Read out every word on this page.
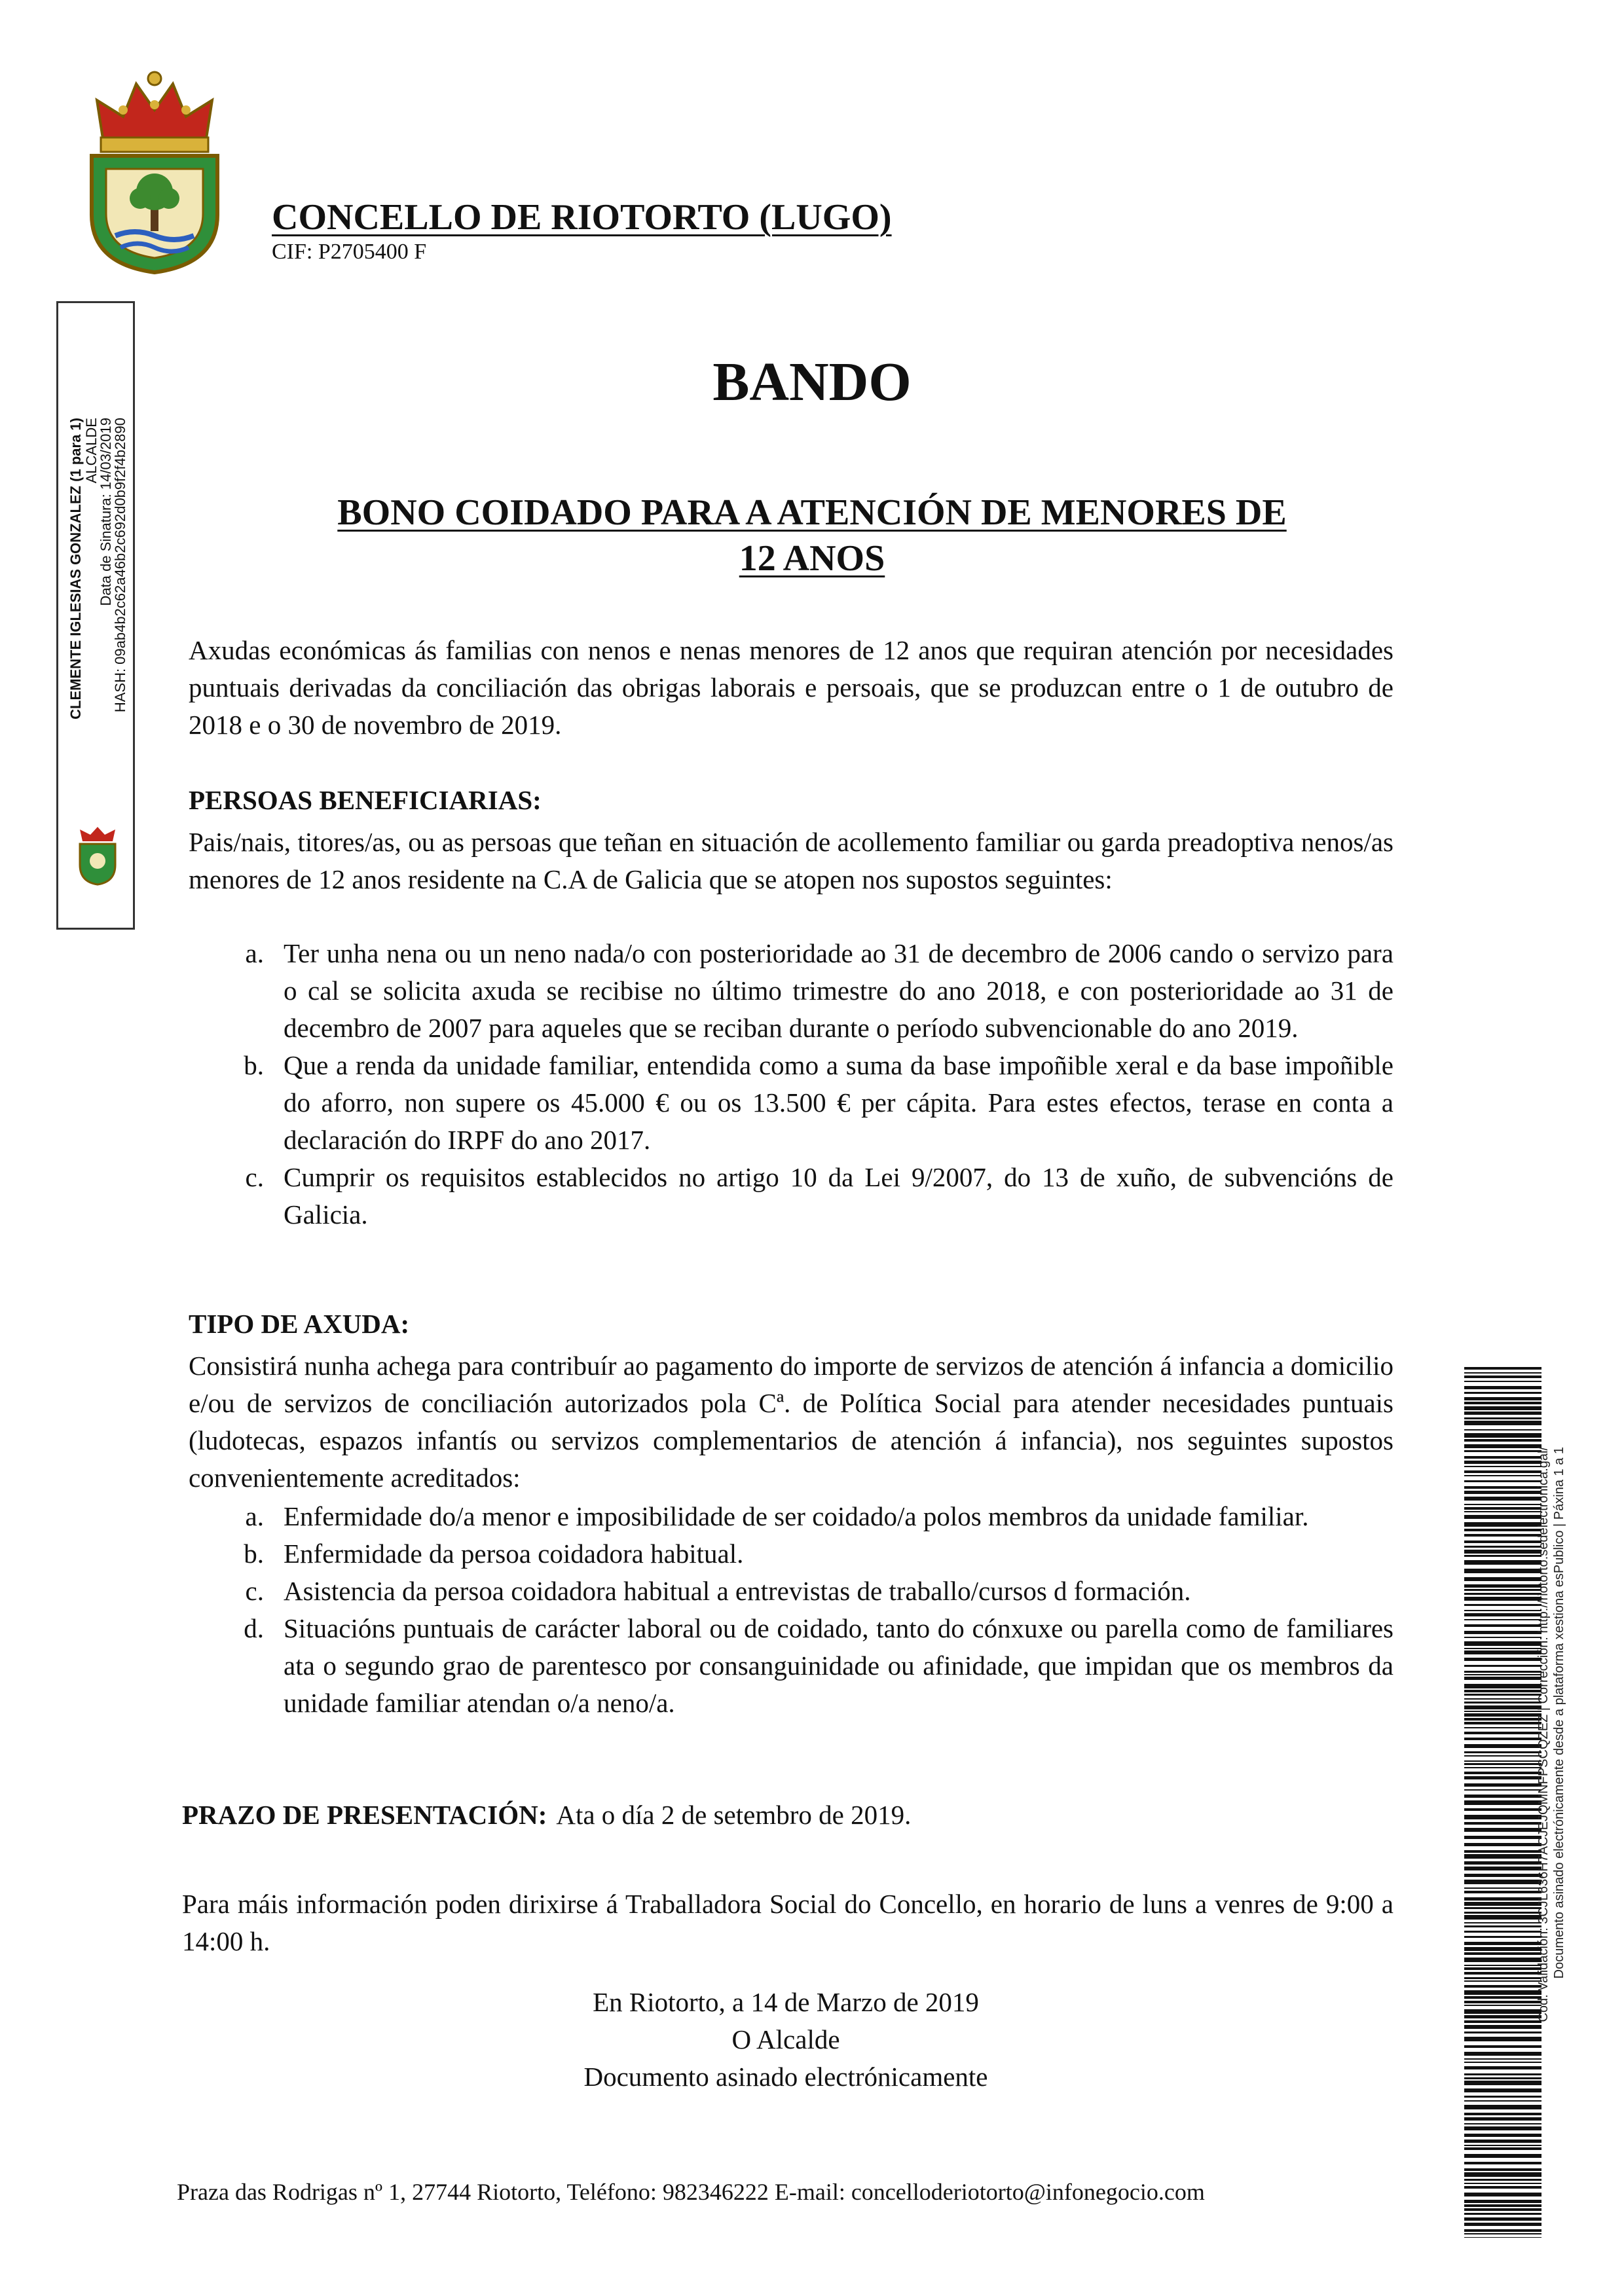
CONCELLO DE RIOTORTO (LUGO)
CIF: P2705400 F
CLEMENTE IGLESIAS GONZALEZ (1 para 1) ALCALDE
Data de Sinatura: 14/03/2019
HASH: 09ab4b2c62a46b2c692d0b9f2f4b2890
BANDO
BONO COIDADO PARA A ATENCIÓN DE MENORES DE
12 ANOS
Axudas económicas ás familias con nenos e nenas menores de 12 anos que requiran atención por necesidades puntuais derivadas da conciliación das obrigas laborais e persoais, que se produzcan entre o 1 de outubro de 2018 e o 30 de novembro de 2019.
PERSOAS BENEFICIARIAS:
Pais/nais, titores/as, ou as persoas que teñan en situación de acollemento familiar ou garda preadoptiva nenos/as menores de 12 anos residente na C.A de Galicia que se atopen nos supostos seguintes:
a. Ter unha nena ou un neno nada/o con posterioridade ao 31 de decembro de 2006 cando o servizo para o cal se solicita axuda se recibise no último trimestre do ano 2018, e con posterioridade ao 31 de decembro de 2007 para aqueles que se reciban durante o período subvencionable do ano 2019.
b. Que a renda da unidade familiar, entendida como a suma da base impoñible xeral e da base impoñible do aforro, non supere os 45.000 € ou os 13.500 € per cápita. Para estes efectos, terase en conta a declaración do IRPF do ano 2017.
c. Cumprir os requisitos establecidos no artigo 10 da Lei 9/2007, do 13 de xuño, de subvencións de Galicia.
TIPO DE AXUDA:
Consistirá nunha achega para contribuír ao pagamento do importe de servizos de atención á infancia a domicilio e/ou de servizos de conciliación autorizados pola Cª. de Política Social para atender necesidades puntuais (ludotecas, espazos infantís ou servizos complementarios de atención á infancia), nos seguintes supostos convenientemente acreditados:
a. Enfermidade do/a menor e imposibilidade de ser coidado/a polos membros da unidade familiar.
b. Enfermidade da persoa coidadora habitual.
c. Asistencia da persoa coidadora habitual a entrevistas de traballo/cursos d formación.
d. Situacións puntuais de carácter laboral ou de coidado, tanto do cónxuxe ou parella como de familiares ata o segundo grao de parentesco por consanguinidade ou afinidade, que impidan que os membros da unidade familiar atendan o/a neno/a.
PRAZO DE PRESENTACIÓN: Ata o día 2 de setembro de 2019.
Para máis información poden dirixirse á Traballadora Social do Concello, en horario de luns a venres de 9:00 a 14:00 h.
En Riotorto, a 14 de Marzo de 2019
O Alcalde
Documento asinado electrónicamente
Praza das Rodrigas nº 1, 27744 Riotorto, Teléfono: 982346222 E-mail: concelloderiotorto@infonegocio.com
Cod. Validación: 3CJL636H7ACJEJQMNFPSCQZEZ | Corrección: http://riotorto.sedelectronica.gal/ Documento asinado electrónicamente desde a plataforma xestiona esPublico | Páxina 1 a 1
